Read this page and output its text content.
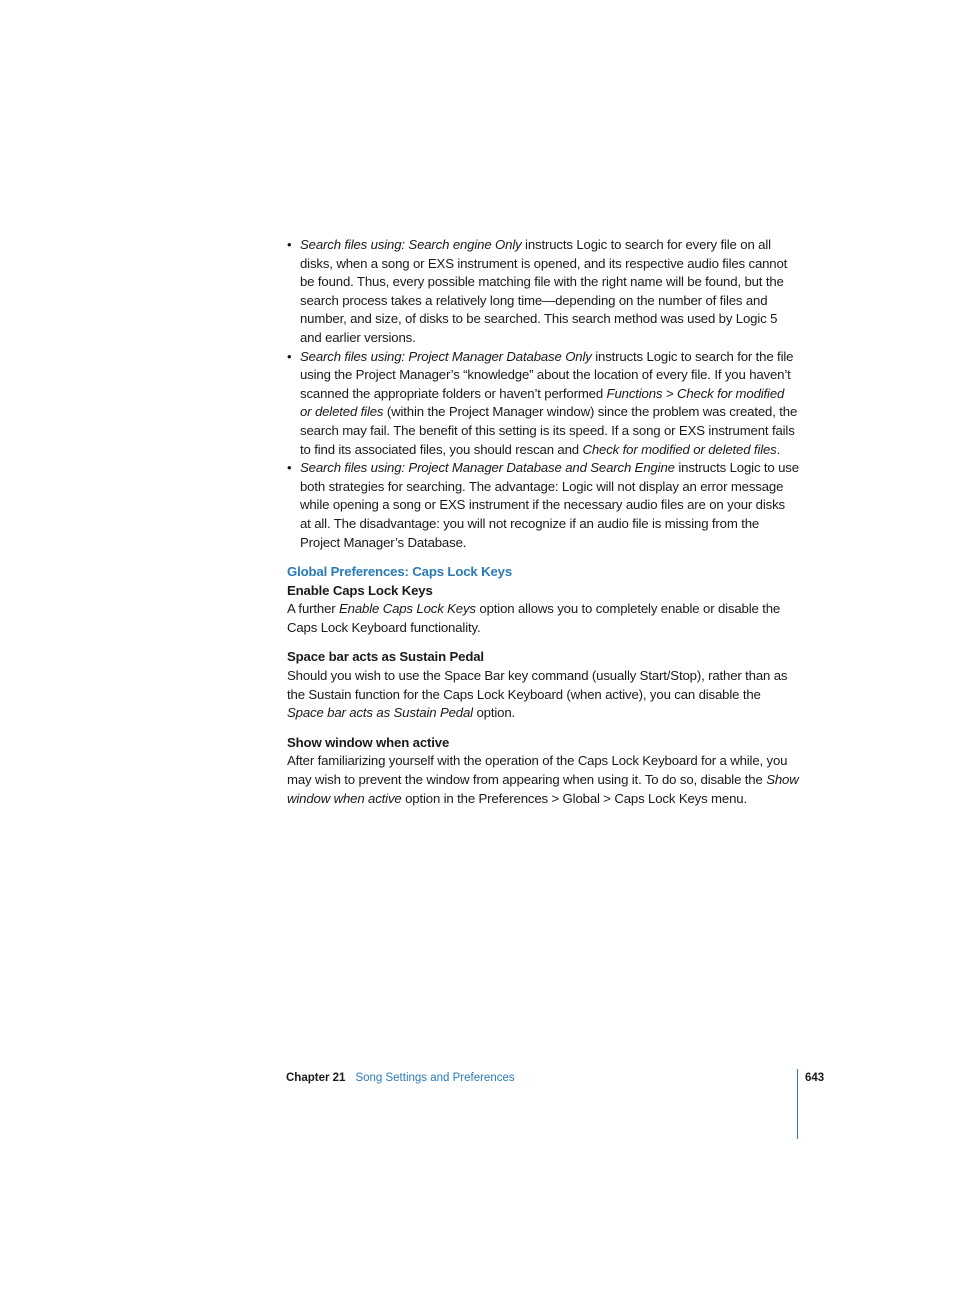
• Search files using: Search engine Only instructs Logic to search for every file on all disks, when a song or EXS instrument is opened, and its respective audio files cannot be found. Thus, every possible matching file with the right name will be found, but the search process takes a relatively long time—depending on the number of files and number, and size, of disks to be searched. This search method was used by Logic 5 and earlier versions.
• Search files using: Project Manager Database Only instructs Logic to search for the file using the Project Manager’s “knowledge” about the location of every file. If you haven’t scanned the appropriate folders or haven’t performed Functions > Check for modified or deleted files (within the Project Manager window) since the problem was created, the search may fail. The benefit of this setting is its speed. If a song or EXS instrument fails to find its associated files, you should rescan and Check for modified or deleted files.
• Search files using: Project Manager Database and Search Engine instructs Logic to use both strategies for searching. The advantage: Logic will not display an error message while opening a song or EXS instrument if the necessary audio files are on your disks at all. The disadvantage: you will not recognize if an audio file is missing from the Project Manager’s Database.
Global Preferences: Caps Lock Keys
Enable Caps Lock Keys

A further Enable Caps Lock Keys option allows you to completely enable or disable the Caps Lock Keyboard functionality.

Space bar acts as Sustain Pedal

Should you wish to use the Space Bar key command (usually Start/Stop), rather than as the Sustain function for the Caps Lock Keyboard (when active), you can disable the Space bar acts as Sustain Pedal option.

Show window when active

After familiarizing yourself with the operation of the Caps Lock Keyboard for a while, you may wish to prevent the window from appearing when using it. To do so, disable the Show window when active option in the Preferences > Global > Caps Lock Keys menu.

Chapter 21 Song Settings and Preferences	643
